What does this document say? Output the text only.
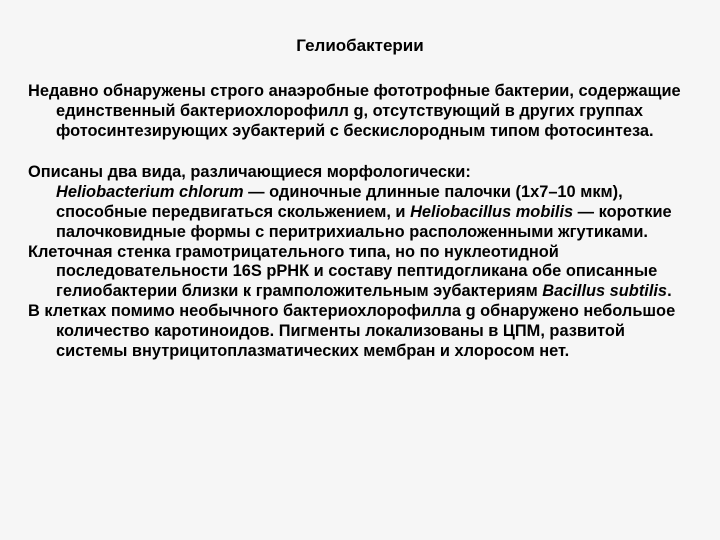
Гелиобактерии

Недавно обнаружены строго анаэробные фототрофные бактерии, содержащие единственный бактериохлорофилл g, отсутствующий в других группах фотосинтезирующих эубактерий с бескислородным типом фотосинтеза.

Описаны два вида, различающиеся морфологически:
Heliobacterium chlorum — одиночные длинные палочки (1х7–10 мкм), способные передвигаться скольжением, и Heliobacillus mobilis — короткие палочковидные формы с перитрихиально расположенными жгутиками.

Клеточная стенка грамотрицательного типа, но по нуклеотидной последовательности 16S рРНК и составу пептидогликана обе описанные гелиобактерии близки к грамположительным эубактериям Bacillus subtilis.

В клетках помимо необычного бактериохлорофилла g обнаружено небольшое количество каротиноидов. Пигменты локализованы в ЦПМ, развитой системы внутрицитоплазматических мембран и хлоросом нет.
